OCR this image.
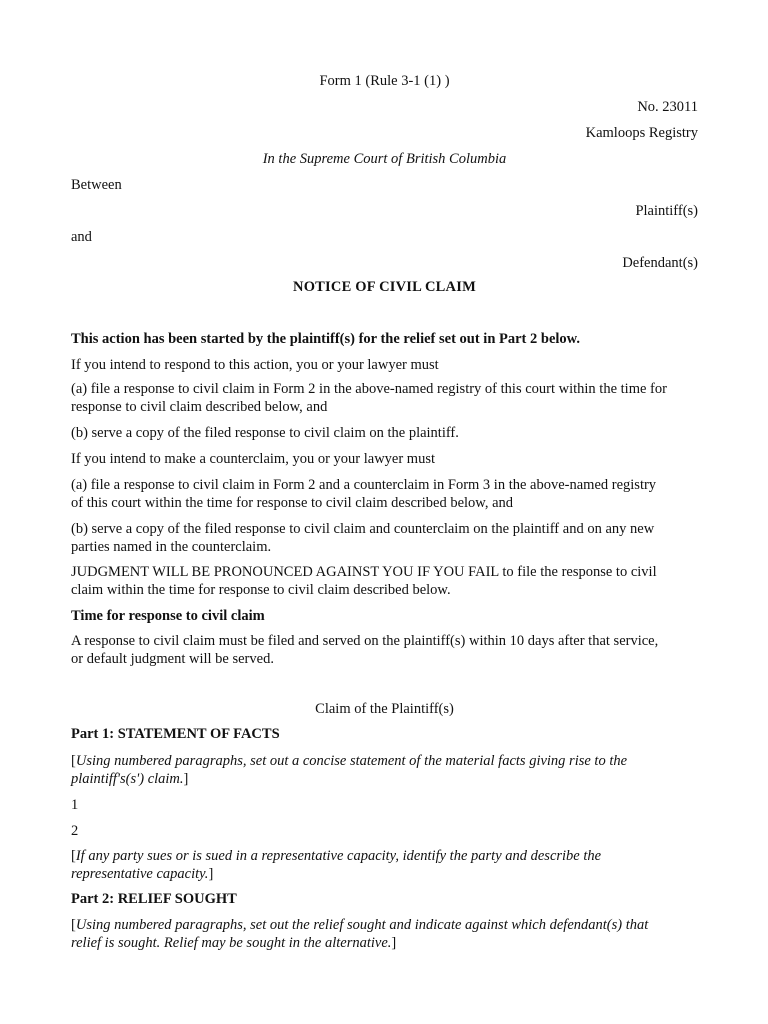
Form 1 (Rule 3-1 (1) )

No. 23011

Kamloops Registry

In the Supreme Court of British Columbia

Between

Plaintiff(s)

and

Defendant(s)

NOTICE OF CIVIL CLAIM

This action has been started by the plaintiff(s) for the relief set out in Part 2 below.

If you intend to respond to this action, you or your lawyer must

(a) file a response to civil claim in Form 2 in the above-named registry of this court within the time for

response to civil claim described below, and

(b) serve a copy of the filed response to civil claim on the plaintiff.

If you intend to make a counterclaim, you or your lawyer must

(a) file a response to civil claim in Form 2 and a counterclaim in Form 3 in the above-named registry

of this court within the time for response to civil claim described below, and

(b) serve a copy of the filed response to civil claim and counterclaim on the plaintiff and on any new

parties named in the counterclaim.

JUDGMENT WILL BE PRONOUNCED AGAINST YOU IF YOU FAIL to file the response to civil

claim within the time for response to civil claim described below.

Time for response to civil claim

A response to civil claim must be filed and served on the plaintiff(s) within 10 days after that service,

or default judgment will be served.

Claim of the Plaintiff(s)

Part 1: STATEMENT OF FACTS

[Using numbered paragraphs, set out a concise statement of the material facts giving rise to the

plaintiff's(s') claim.]

1

2

[If any party sues or is sued in a representative capacity, identify the party and describe the

representative capacity.]

Part 2: RELIEF SOUGHT

[Using numbered paragraphs, set out the relief sought and indicate against which defendant(s) that

relief is sought. Relief may be sought in the alternative.]
